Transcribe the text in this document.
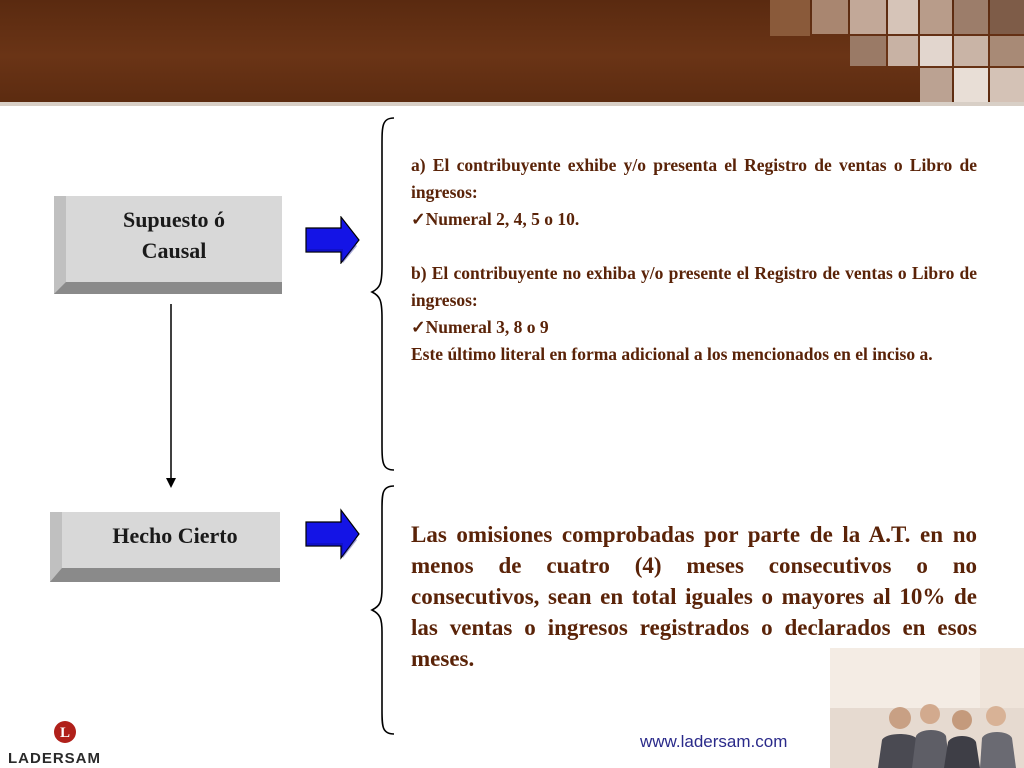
Supuesto ó Causal
Hecho Cierto

a) El contribuyente exhibe y/o presenta el Registro de ventas o Libro de ingresos:

✓Numeral 2, 4, 5 o 10.

b) El contribuyente no exhiba y/o presente el Registro de ventas o Libro de ingresos:

✓Numeral 3, 8 o 9

Este último literal en forma adicional a los mencionados en el inciso a.

Las omisiones comprobadas por parte de la A.T. en no menos de cuatro (4) meses consecutivos o no consecutivos, sean en total iguales o mayores al 10% de las ventas o ingresos registrados o declarados en esos meses.
www.ladersam.com
L
LADERSAM
